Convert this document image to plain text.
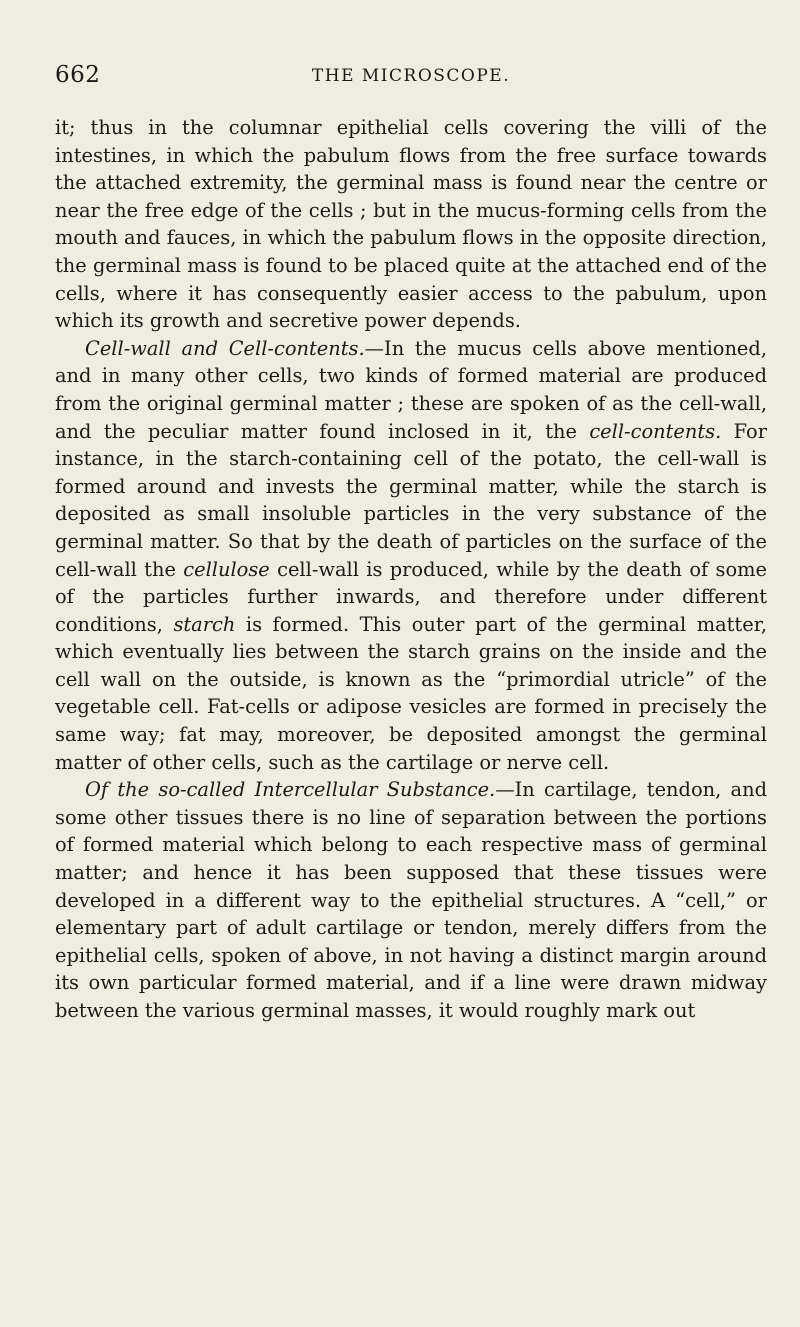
662	THE MICROSCOPE.

it; thus in the columnar epithelial cells covering the villi of the intestines, in which the pabulum flows from the free surface towards the attached extremity, the germinal mass is found near the centre or near the free edge of the cells ; but in the mucus-forming cells from the mouth and fauces, in which the pabulum flows in the opposite direction, the germinal mass is found to be placed quite at the attached end of the cells, where it has consequently easier access to the pabulum, upon which its growth and secretive power depends.

Cell-wall and Cell-contents.—In the mucus cells above mentioned, and in many other cells, two kinds of formed material are produced from the original germinal matter ; these are spoken of as the cell-wall, and the peculiar matter found inclosed in it, the cell-contents. For instance, in the starch-containing cell of the potato, the cell-wall is formed around and invests the germinal matter, while the starch is deposited as small insoluble particles in the very substance of the germinal matter. So that by the death of particles on the surface of the cell-wall the cellulose cell-wall is produced, while by the death of some of the particles further inwards, and therefore under different conditions, starch is formed. This outer part of the germinal matter, which eventually lies between the starch grains on the inside and the cell wall on the outside, is known as the “primordial utricle” of the vegetable cell. Fat-cells or adipose vesicles are formed in precisely the same way; fat may, moreover, be deposited amongst the germinal matter of other cells, such as the cartilage or nerve cell.

Of the so-called Intercellular Substance.—In cartilage, tendon, and some other tissues there is no line of separation between the portions of formed material which belong to each respective mass of germinal matter; and hence it has been supposed that these tissues were developed in a different way to the epithelial structures. A “cell,” or elementary part of adult cartilage or tendon, merely differs from the epithelial cells, spoken of above, in not having a distinct margin around its own particular formed material, and if a line were drawn midway between the various germinal masses, it would roughly mark out
